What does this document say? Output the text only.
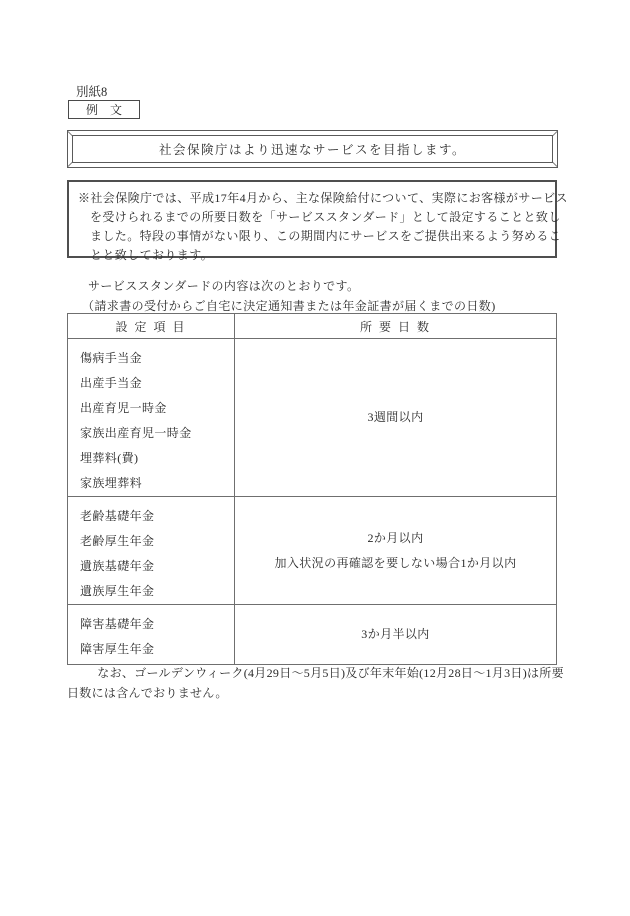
別紙8
例　文
社会保険庁はより迅速なサービスを目指します。
※社会保険庁では、平成17年4月から、主な保険給付について、実際にお客様がサービス
を受けられるまでの所要日数を「サービススタンダード」として設定することと致し
ました。特段の事情がない限り、この期間内にサービスをご提供出来るよう努めるこ
とと致しております。
サービススタンダードの内容は次のとおりです。
（請求書の受付からご自宅に決定通知書または年金証書が届くまでの日数)
設 定 項 目	所 要 日 数
傷病手当金
出産手当金
出産育児一時金
家族出産育児一時金
埋葬料(費)
家族埋葬料
3週間以内
老齢基礎年金
老齢厚生年金
遺族基礎年金
遺族厚生年金
2か月以内
加入状況の再確認を要しない場合1か月以内
障害基礎年金
障害厚生年金
3か月半以内
　なお、ゴールデンウィーク(4月29日～5月5日)及び年末年始(12月28日～1月3日)は所要
日数には含んでおりません。
